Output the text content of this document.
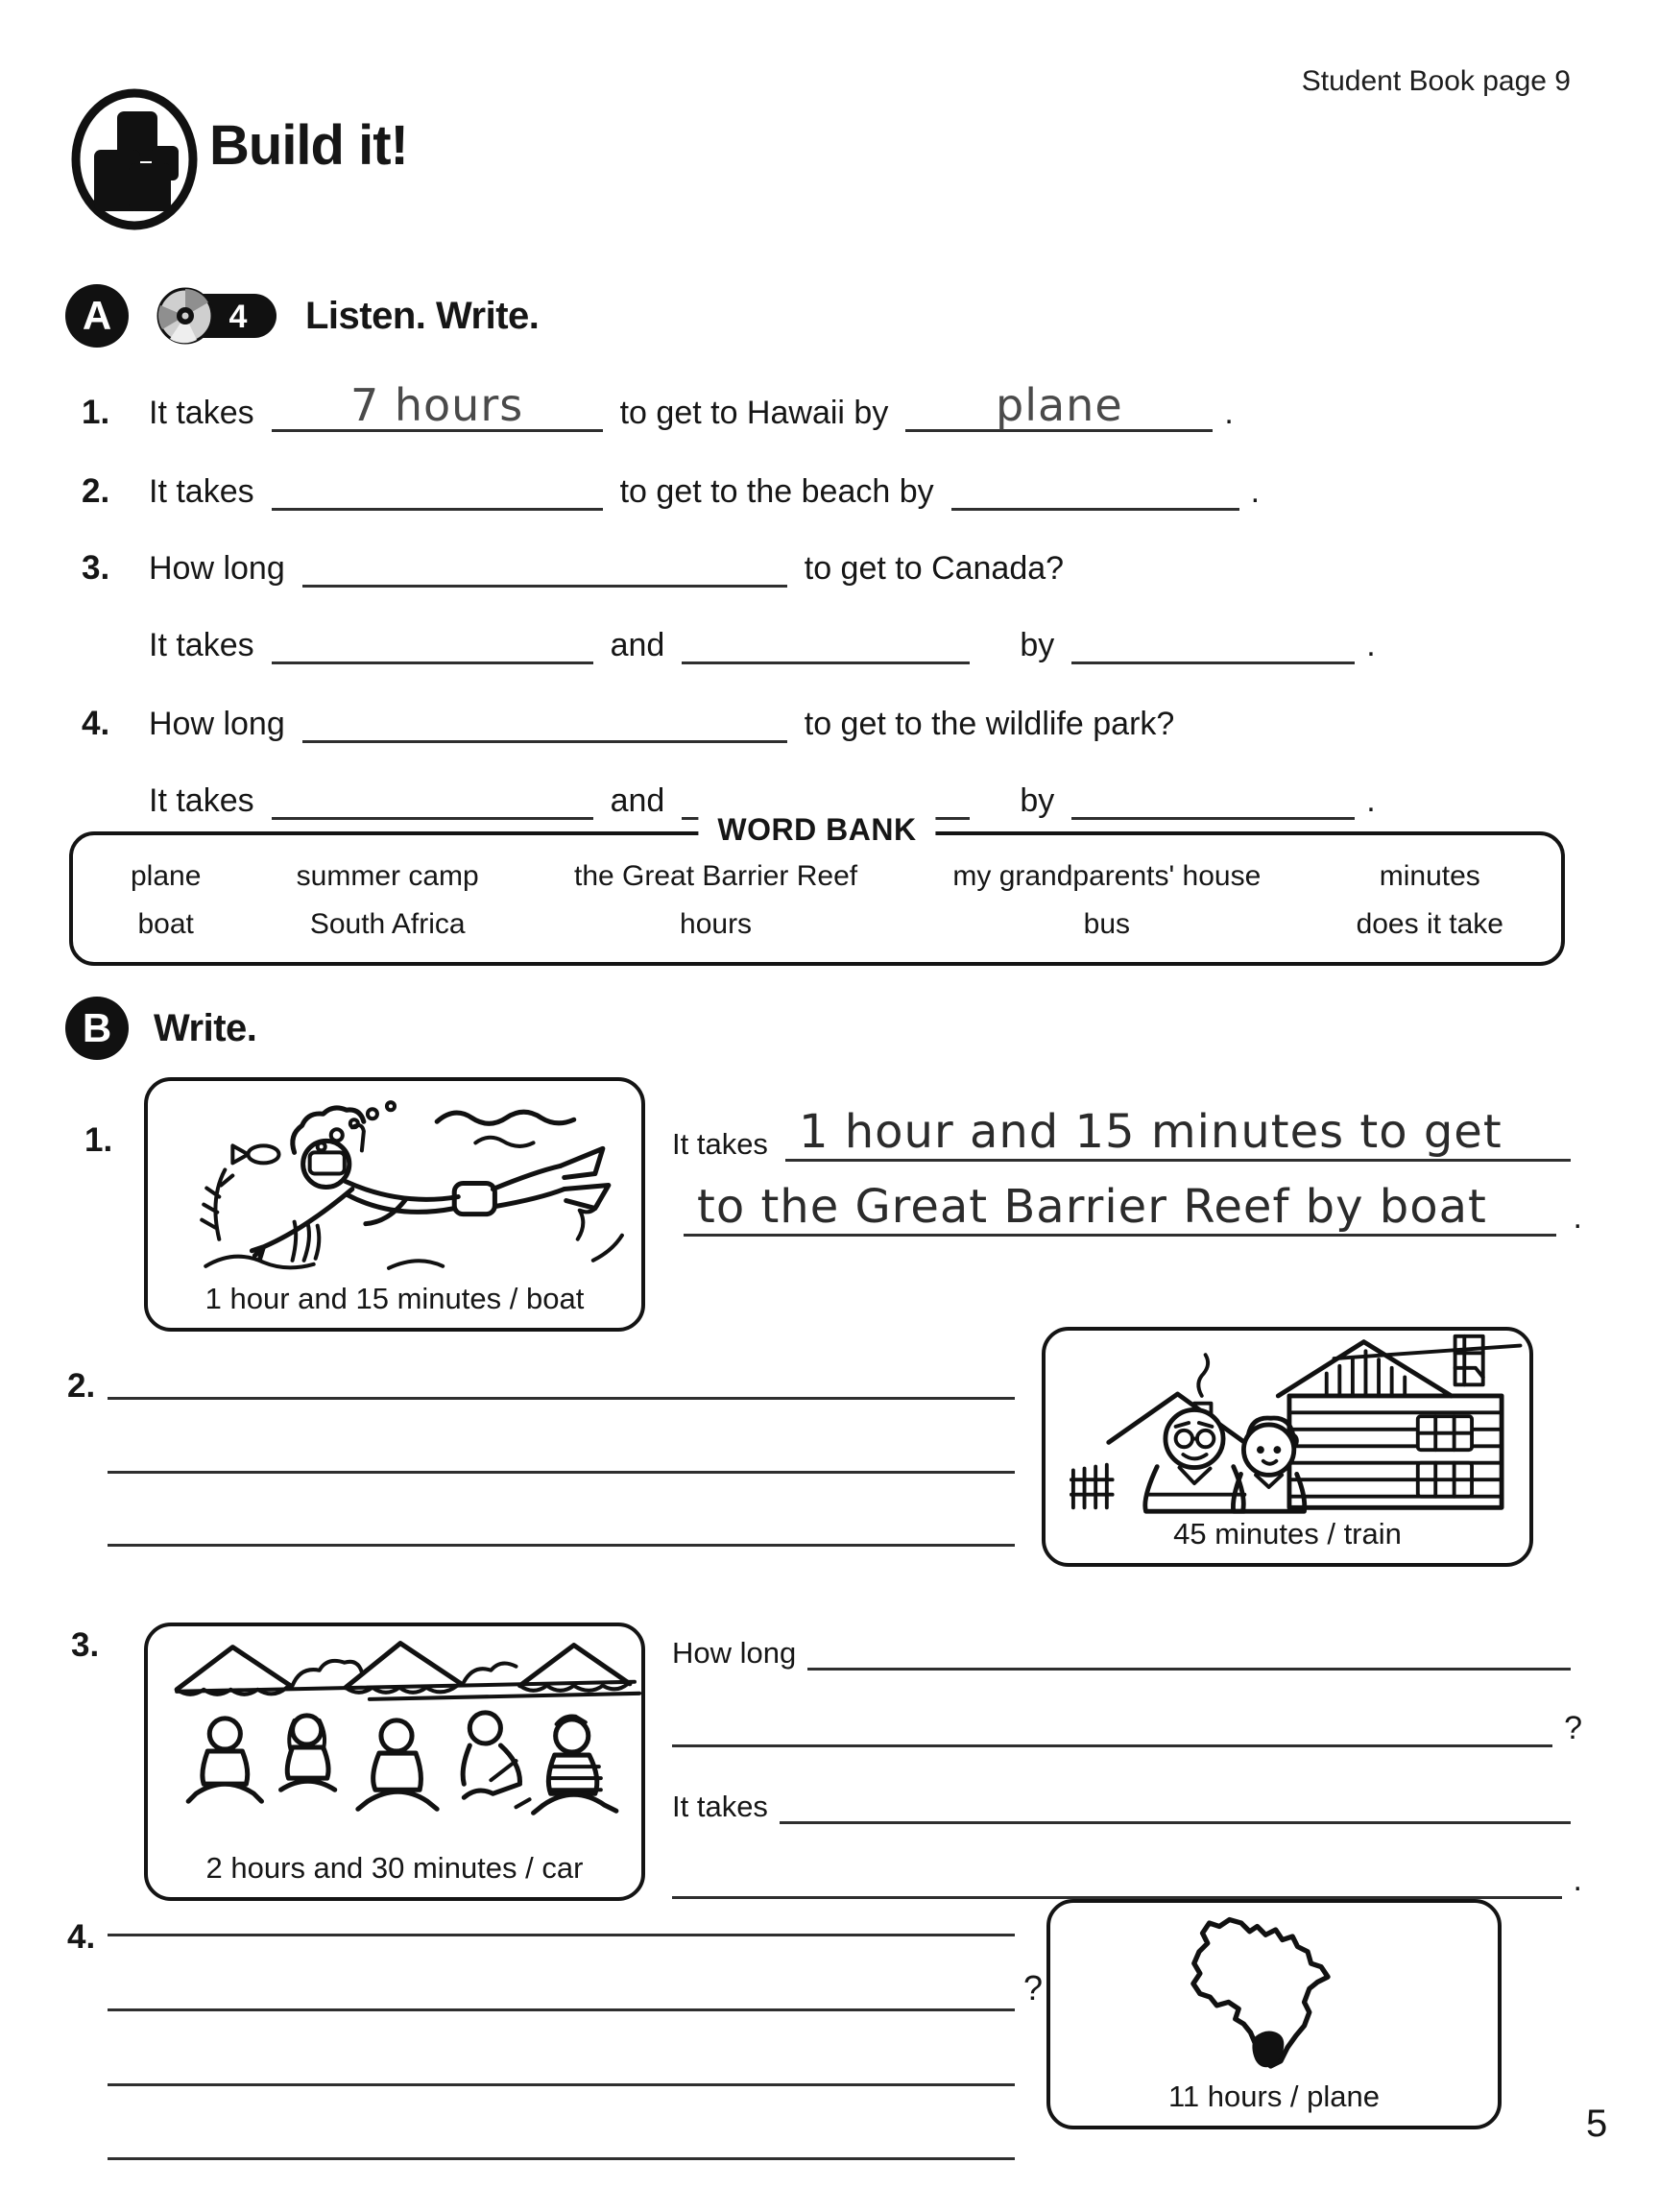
Student Book page 9
Build it!
A	4 Listen. Write.
1.	It takes	7 hours	to get to Hawaii by	plane	.
2.	It takes	to get to the beach by	.
3.	How long	to get to Canada?
It takes	and	by	.
4.	How long	to get to the wildlife park?
It takes	and	by	.
WORD BANK
plane
boat
summer camp
South Africa
the Great Barrier Reef
hours
my grandparents' house
bus
minutes
does it take
B	Write.
1.
1 hour and 15 minutes / boat
It takes 1 hour and 15 minutes to get
to the Great Barrier Reef by boat	.
2.
45 minutes / train
3.
2 hours and 30 minutes / car
How long
?
It takes
.
4.
?
11 hours / plane
5
